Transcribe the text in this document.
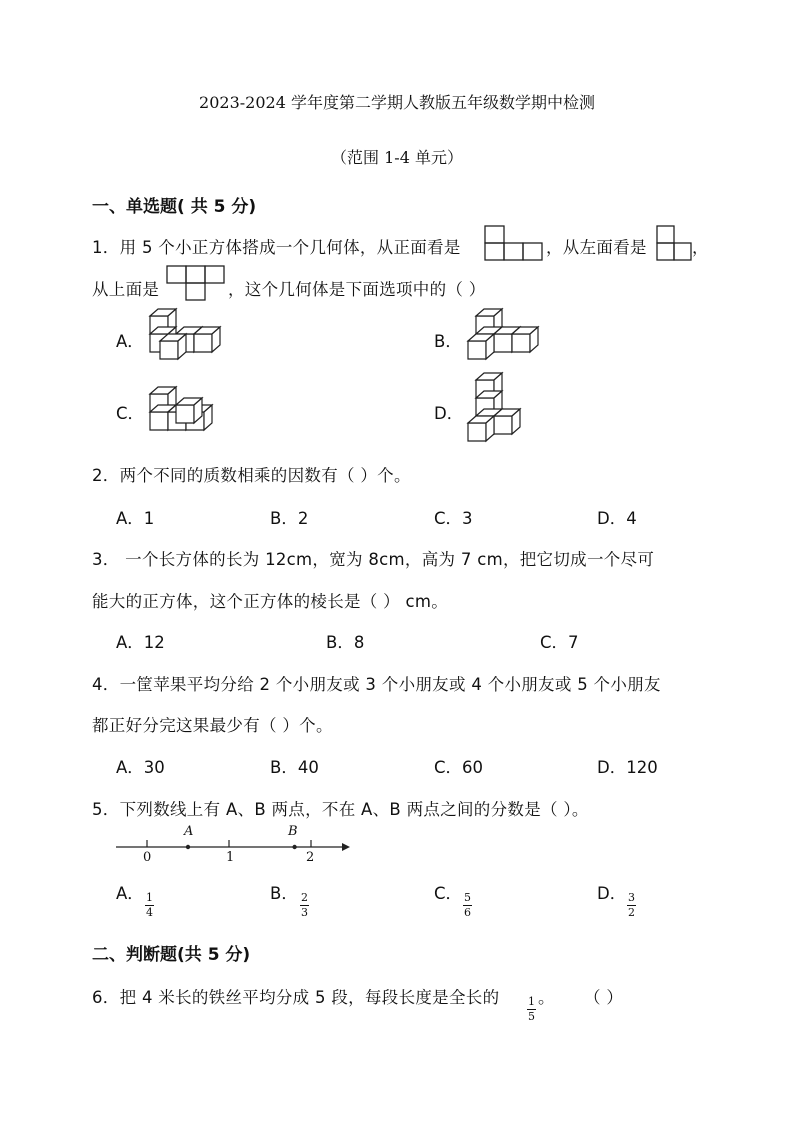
2023-2024 学年度第二学期人教版五年级数学期中检测
（范围 1-4 单元）
一、单选题( 共 5 分)
1．用 5 个小正方体搭成一个几何体，从正面看是	，从左面看是	，
从上面是	，这个几何体是下面选项中的（ ）
A．	B．
C．	D．
2．两个不同的质数相乘的因数有（ ）个。
A．1	B．2	C．3	D．4
3． 一个长方体的长为 12cm，宽为 8cm，高为 7 cm，把它切成一个尽可
能大的正方体，这个正方体的棱长是（ ） cm。
A．12	B．8	C．7
4．一筐苹果平均分给 2 个小朋友或 3 个小朋友或 4 个小朋友或 5 个小朋友
都正好分完这果最少有（ ）个。
A．30	B．40	C．60	D．120
5．下列数线上有 A、B 两点，不在 A、B 两点之间的分数是（ ）。
A	B
0	1	2
A． $\frac{1}{4}$	B． $\frac{2}{3}$	C． $\frac{5}{6}$	D． $\frac{3}{2}$
二、判断题(共 5 分)
6．把 4 米长的铁丝平均分成 5 段，每段长度是全长的	$\frac{1}{5}$ 。 （ ）
